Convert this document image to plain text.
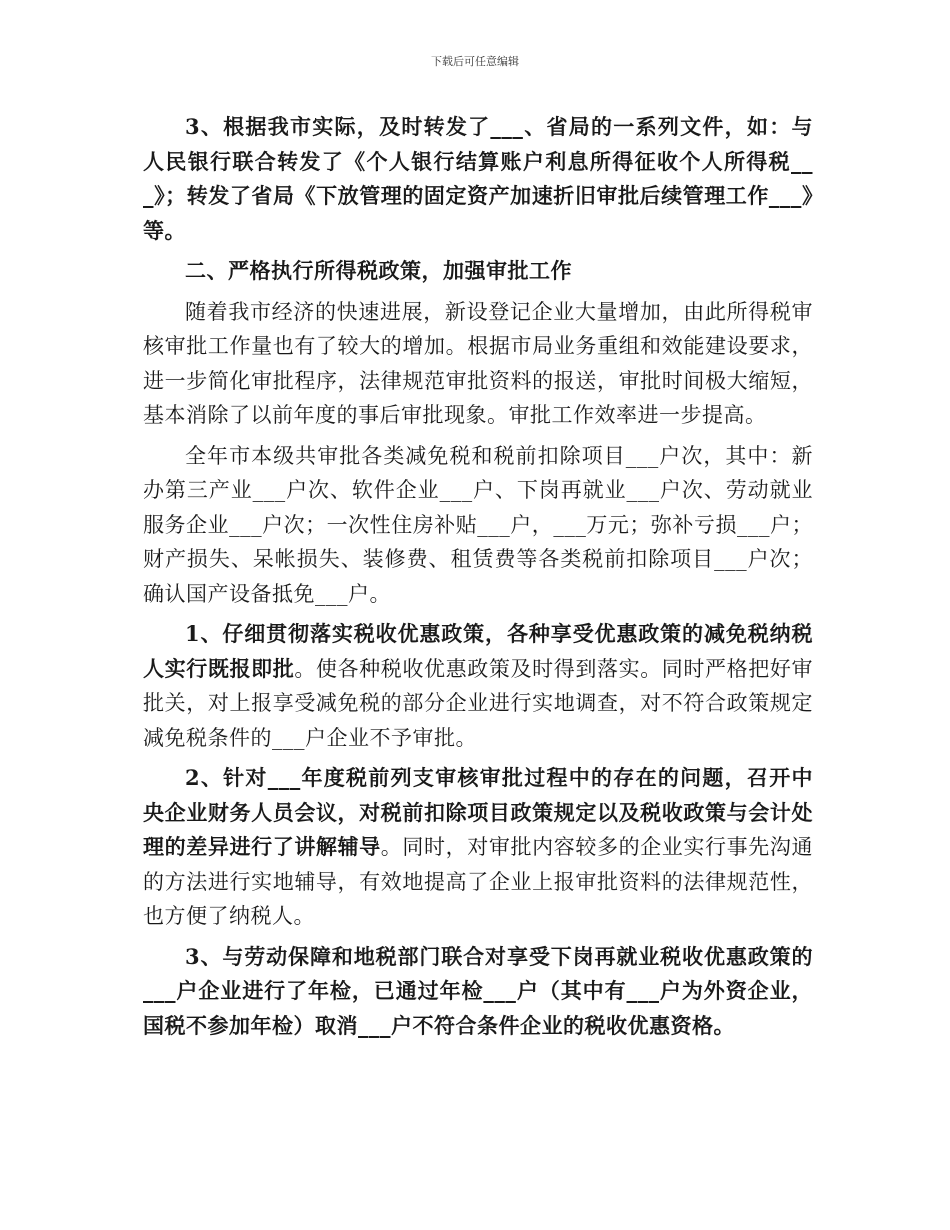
下载后可任意编辑

3、根据我市实际，及时转发了___、省局的一系列文件，如：与人民银行联合转发了《个人银行结算账户利息所得征收个人所得税___》；转发了省局《下放管理的固定资产加速折旧审批后续管理工作___》等。

二、严格执行所得税政策，加强审批工作

随着我市经济的快速进展，新设登记企业大量增加，由此所得税审核审批工作量也有了较大的增加。根据市局业务重组和效能建设要求，进一步简化审批程序，法律规范审批资料的报送，审批时间极大缩短，基本消除了以前年度的事后审批现象。审批工作效率进一步提高。

全年市本级共审批各类减免税和税前扣除项目___户次，其中：新办第三产业___户次、软件企业___户、下岗再就业___户次、劳动就业服务企业___户次；一次性住房补贴___户，___万元；弥补亏损___户；财产损失、呆帐损失、装修费、租赁费等各类税前扣除项目___户次；确认国产设备抵免___户。

1、仔细贯彻落实税收优惠政策，各种享受优惠政策的减免税纳税人实行既报即批。使各种税收优惠政策及时得到落实。同时严格把好审批关，对上报享受减免税的部分企业进行实地调查，对不符合政策规定减免税条件的___户企业不予审批。

2、针对___年度税前列支审核审批过程中的存在的问题，召开中央企业财务人员会议，对税前扣除项目政策规定以及税收政策与会计处理的差异进行了讲解辅导。同时，对审批内容较多的企业实行事先沟通的方法进行实地辅导，有效地提高了企业上报审批资料的法律规范性，也方便了纳税人。

3、与劳动保障和地税部门联合对享受下岗再就业税收优惠政策的___户企业进行了年检，已通过年检___户（其中有___户为外资企业，国税不参加年检）取消___户不符合条件企业的税收优惠资格。
